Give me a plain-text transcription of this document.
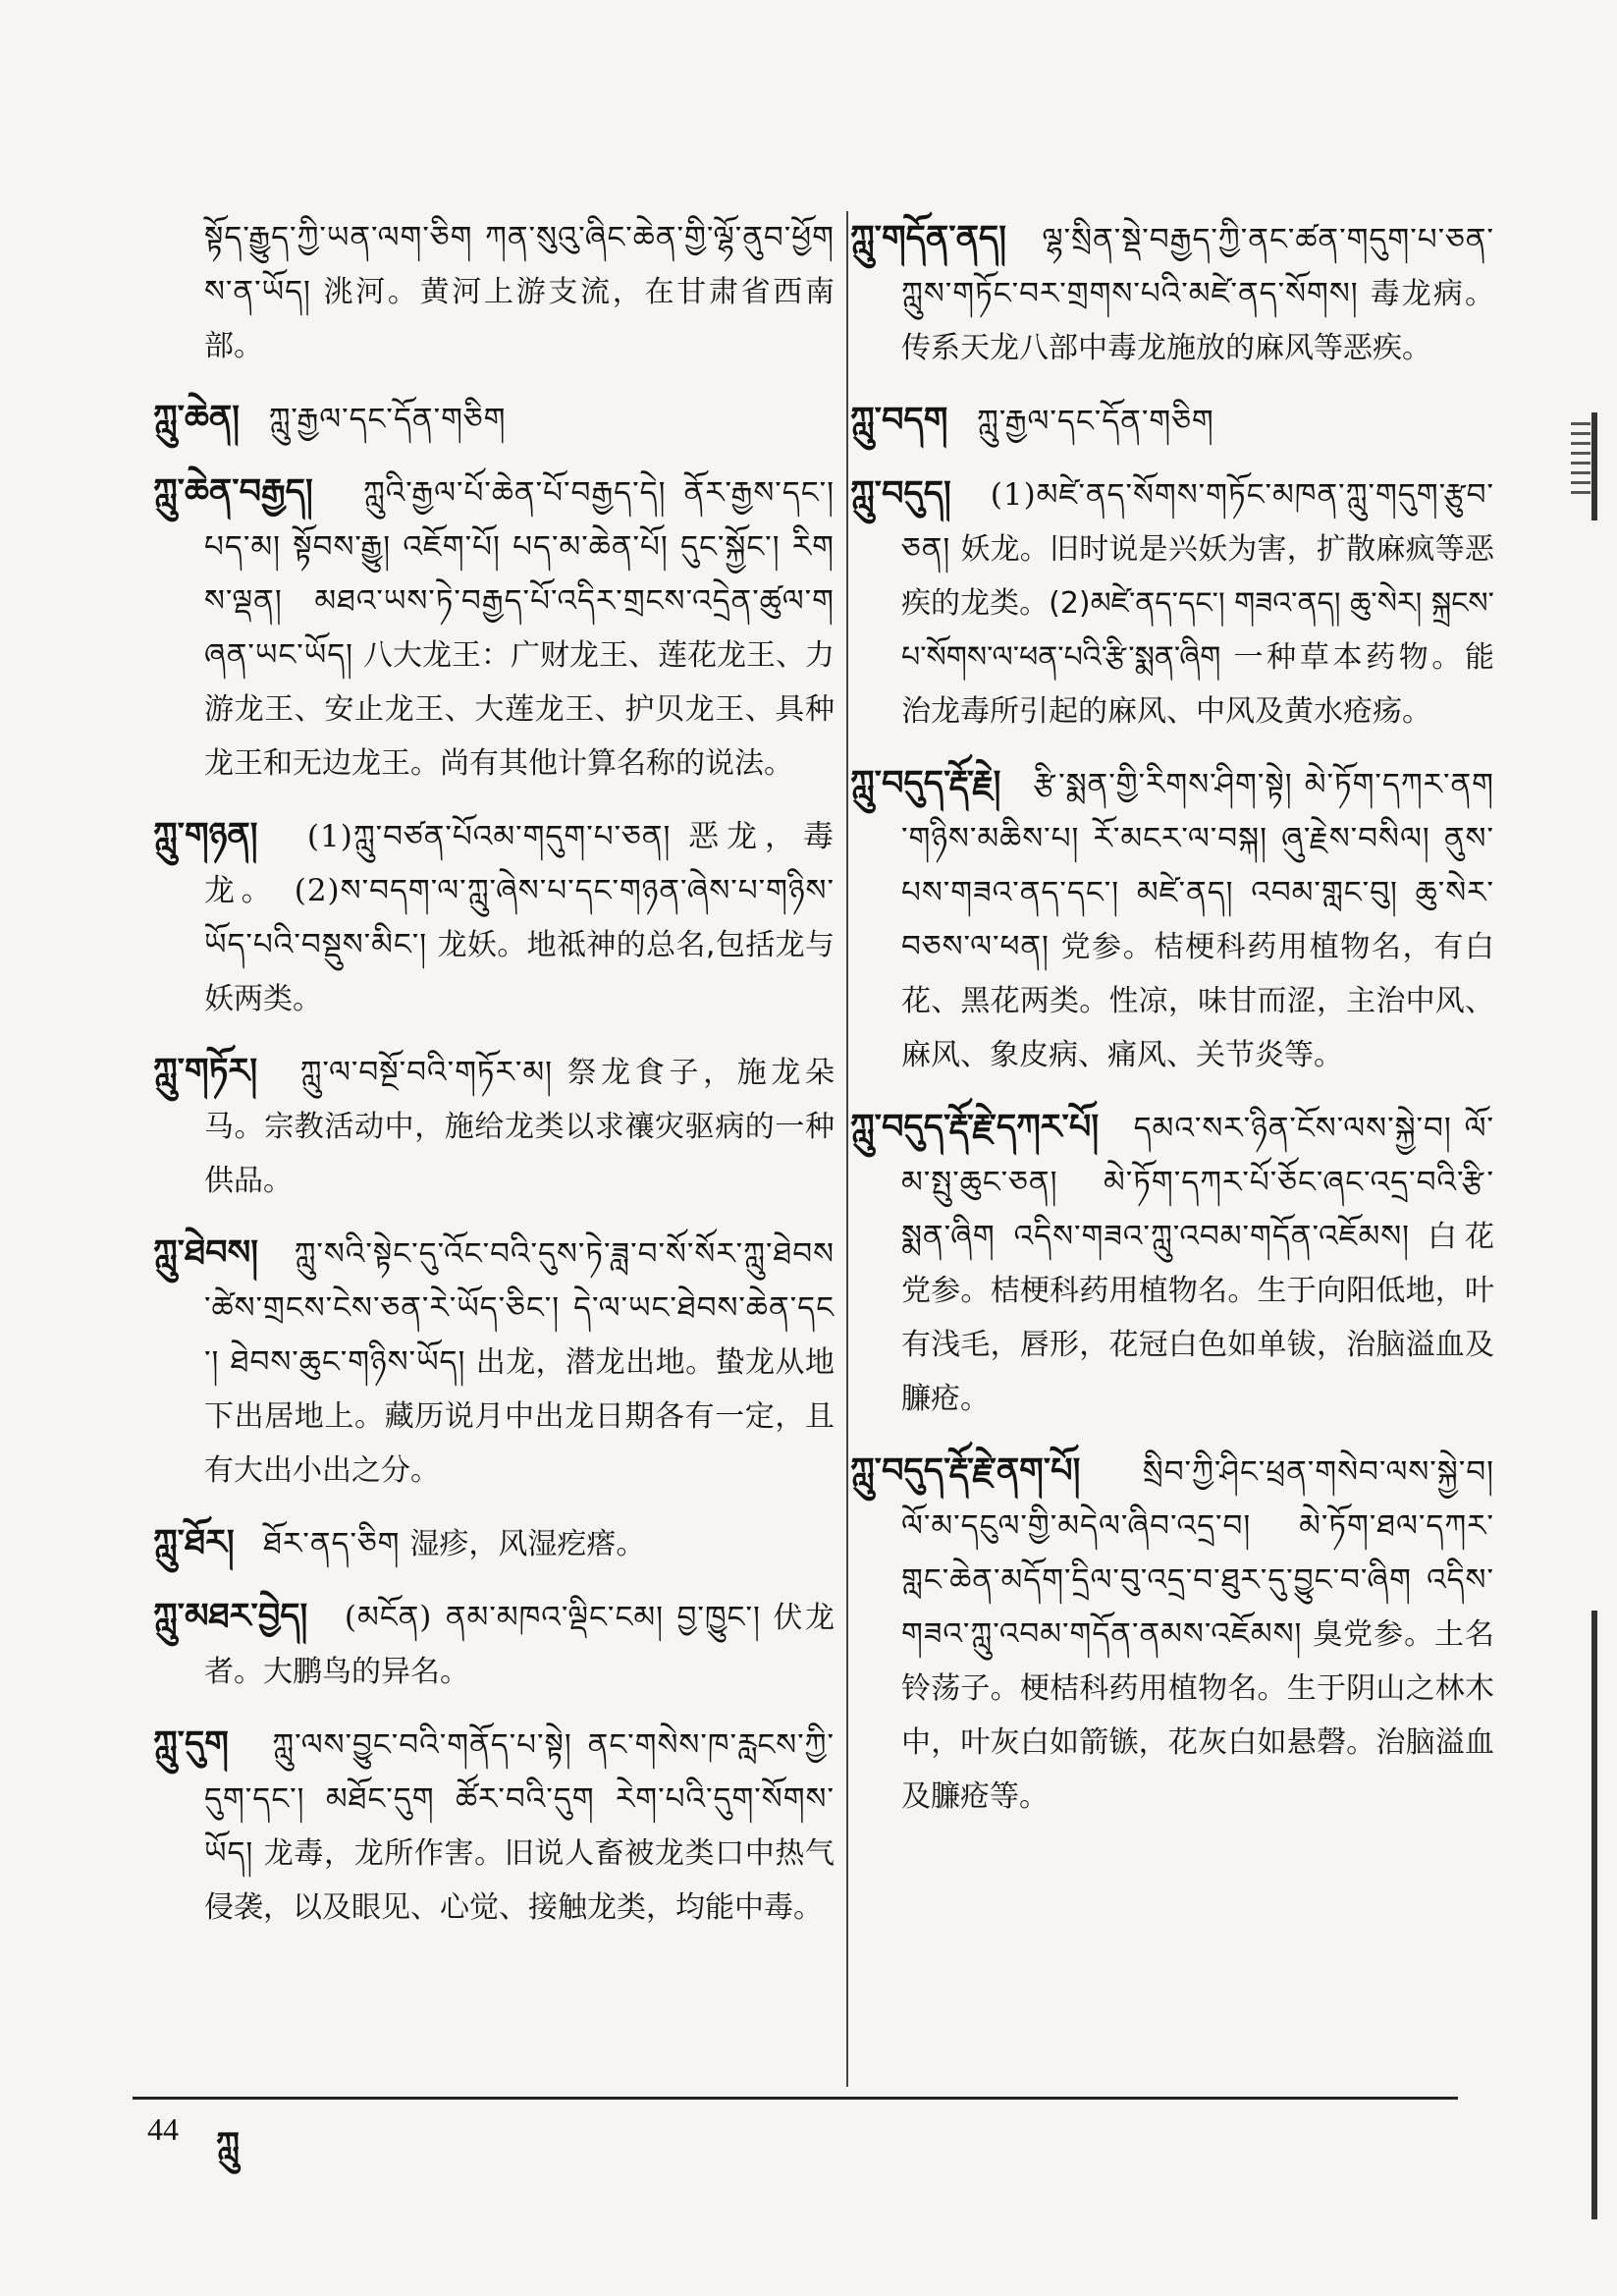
སྟོད་རྒྱུད་ཀྱི་ཡན་ལག་ཅིག ཀན་སུའུ་ཞིང་ཆེན་གྱི་ལྷོ་ནུབ་ཕྱོགས་ན་ཡོད། 洮河。黄河上游支流，在甘肃省西南部。

ཀླུ་ཆེན། ཀླུ་རྒྱལ་དང་དོན་གཅིག

ཀླུ་ཆེན་བརྒྱད། ཀླུའི་རྒྱལ་པོ་ཆེན་པོ་བརྒྱད་དེ། ནོར་རྒྱས་དང་། པད་མ། སྟོབས་རྒྱུ། འཇོག་པོ། པད་མ་ཆེན་པོ། དུང་སྐྱོང་། རིགས་ལྡན། མཐའ་ཡས་ཏེ་བརྒྱད་པོ་འདིར་གྲངས་འདྲེན་ཚུལ་གཞན་ཡང་ཡོད། 八大龙王：广财龙王、莲花龙王、力游龙王、安止龙王、大莲龙王、护贝龙王、具种龙王和无边龙王。尚有其他计算名称的说法。

ཀླུ་གཉན། (1)ཀླུ་བཙན་པོའམ་གདུག་པ་ཅན། 恶龙，毒龙。 (2)ས་བདག་ལ་ཀླུ་ཞེས་པ་དང་གཉན་ཞེས་པ་གཉིས་ཡོད་པའི་བསྡུས་མིང་། 龙妖。地祗神的总名,包括龙与妖两类。

ཀླུ་གཏོར། ཀླུ་ལ་བསྔོ་བའི་གཏོར་མ། 祭龙食子，施龙朵马。宗教活动中，施给龙类以求禳灾驱病的一种供品。

ཀླུ་ཐེབས། ཀླུ་སའི་སྟེང་དུ་འོང་བའི་དུས་ཏེ་ཟླ་བ་སོ་སོར་ཀླུ་ཐེབས་ཚེས་གྲངས་ངེས་ཅན་རེ་ཡོད་ཅིང་། དེ་ལ་ཡང་ཐེབས་ཆེན་དང་། ཐེབས་ཆུང་གཉིས་ཡོད། 出龙，潜龙出地。蛰龙从地下出居地上。藏历说月中出龙日期各有一定，且有大出小出之分。

ཀླུ་ཐོར། ཐོར་ནད་ཅིག 湿疹，风湿疙瘩。

ཀླུ་མཐར་བྱེད། (མངོན) ནམ་མཁའ་ལྡིང་ངམ། བྱ་ཁྱུང་། 伏龙者。大鹏鸟的异名。

ཀླུ་དུག ཀླུ་ལས་བྱུང་བའི་གནོད་པ་སྟེ། ནང་གསེས་ཁ་རླངས་ཀྱི་དུག་དང་། མཐོང་དུག ཚོར་བའི་དུག རེག་པའི་དུག་སོགས་ཡོད། 龙毒，龙所作害。旧说人畜被龙类口中热气侵袭，以及眼见、心觉、接触龙类，均能中毒。

ཀླུ་གདོན་ནད། ལྷ་སྲིན་སྡེ་བརྒྱད་ཀྱི་ནང་ཚན་གདུག་པ་ཅན་ཀླུས་གཏོང་བར་གྲགས་པའི་མཛེ་ནད་སོགས། 毒龙病。传系天龙八部中毒龙施放的麻风等恶疾。

ཀླུ་བདག ཀླུ་རྒྱལ་དང་དོན་གཅིག

ཀླུ་བདུད། (1)མཛེ་ནད་སོགས་གཏོང་མཁན་ཀླུ་གདུག་རྩུབ་ཅན། 妖龙。旧时说是兴妖为害，扩散麻疯等恶疾的龙类。(2)མཛེ་ནད་དང་། གཟའ་ནད། ཆུ་སེར། སྐྲངས་པ་སོགས་ལ་ཕན་པའི་རྩི་སྨན་ཞིག 一种草本药物。能治龙毒所引起的麻风、中风及黄水疮疡。

ཀླུ་བདུད་རྡོ་རྗེ། རྩི་སྨན་གྱི་རིགས་ཤིག་སྟེ། མེ་ཏོག་དཀར་ནག་གཉིས་མཆིས་པ། རོ་མངར་ལ་བསྐ། ཞུ་རྗེས་བསིལ། ནུས་པས་གཟའ་ནད་དང་། མཛེ་ནད། འབམ་གླང་བུ། ཆུ་སེར་བཅས་ལ་ཕན། 党参。桔梗科药用植物名，有白花、黑花两类。性凉，味甘而涩，主治中风、麻风、象皮病、痛风、关节炎等。

ཀླུ་བདུད་རྡོ་རྗེ་དཀར་པོ། དམའ་སར་ཉིན་ངོས་ལས་སྐྱེ་བ། ལོ་མ་སྤུ་ཆུང་ཅན། མེ་ཏོག་དཀར་པོ་ཅོང་ཞང་འདྲ་བའི་རྩི་སྨན་ཞིག འདིས་གཟའ་ཀླུ་འབམ་གདོན་འཇོམས། 白花党参。桔梗科药用植物名。生于向阳低地，叶有浅毛，唇形，花冠白色如单钹，治脑溢血及臁疮。

ཀླུ་བདུད་རྡོ་རྗེ་ནག་པོ། སྲིབ་ཀྱི་ཤིང་ཕྲན་གསེབ་ལས་སྐྱེ་བ། ལོ་མ་དངུལ་གྱི་མདེལ་ཞིབ་འདྲ་བ། མེ་ཏོག་ཐལ་དཀར་གླང་ཆེན་མདོག་དྲིལ་བུ་འདྲ་བ་ཐུར་དུ་བྱུང་བ་ཞིག འདིས་གཟའ་ཀླུ་འབམ་གདོན་ནམས་འཇོམས། 臭党参。土名铃荡子。梗桔科药用植物名。生于阴山之林木中，叶灰白如箭镞，花灰白如悬磬。治脑溢血及臁疮等。

44 ཀླུ
